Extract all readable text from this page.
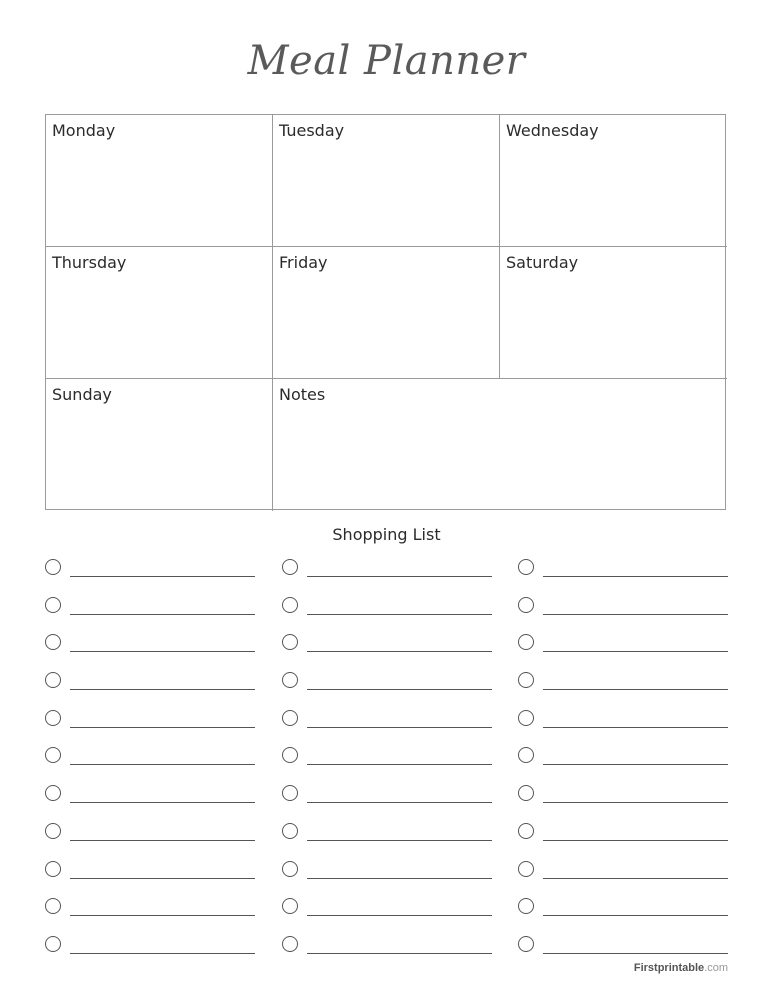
Meal Planner
Monday	Tuesday	Wednesday
Thursday	Friday	Saturday
Sunday	Notes
Shopping List
Firstprintable.com
